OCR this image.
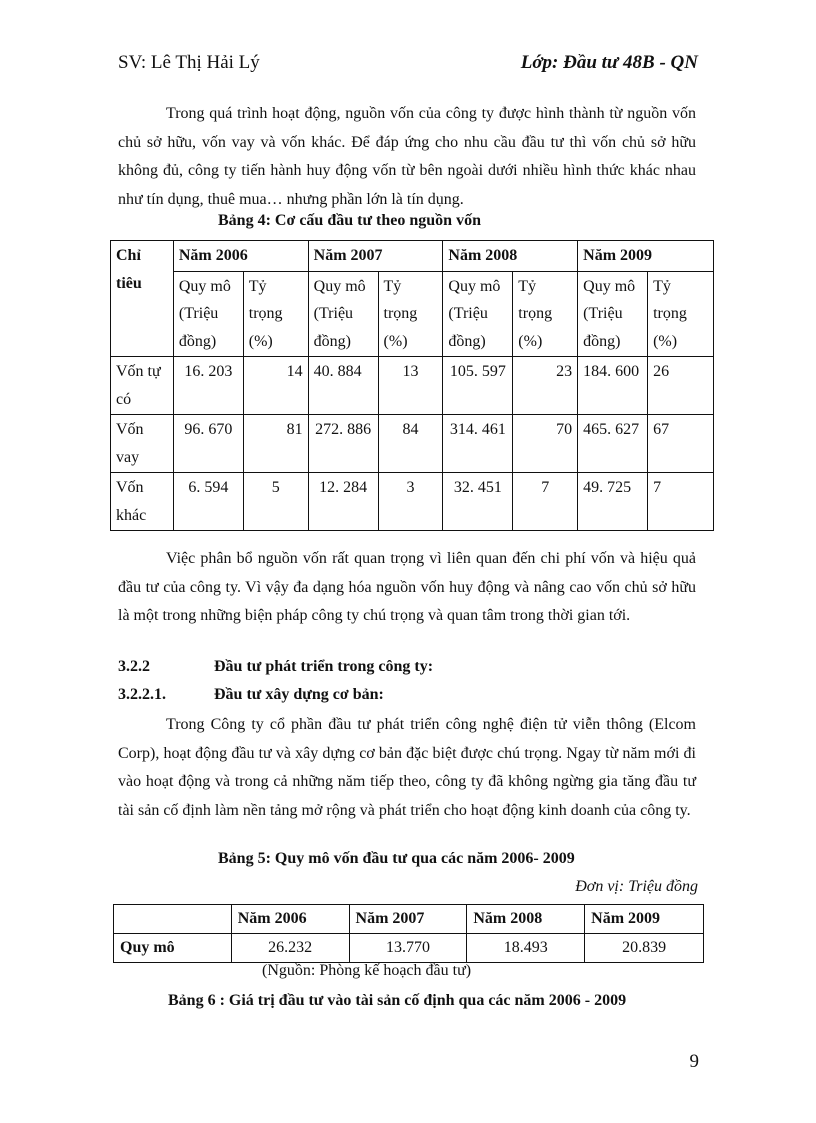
SV: Lê Thị Hải Lý	Lớp: Đầu tư 48B - QN
Trong quá trình hoạt động, nguồn vốn của công ty được hình thành từ nguồn vốn chủ sở hữu, vốn vay và vốn khác. Để đáp ứng cho nhu cầu đầu tư thì vốn chủ sở hữu không đủ, công ty tiến hành huy động vốn từ bên ngoài dưới nhiều hình thức khác nhau như tín dụng, thuê mua… nhưng phần lớn là tín dụng.
Bảng 4: Cơ cấu đầu tư theo nguồn vốn
Chỉ tiêu	Năm 2006		Năm 2007		Năm 2008		Năm 2009	
	Quy mô (Triệu đồng)	Tỷ trọng (%)	Quy mô (Triệu đồng)	Tỷ trọng (%)	Quy mô (Triệu đồng)	Tỷ trọng (%)	Quy mô (Triệu đồng)	Tỷ trọng (%)
Vốn tự có	16. 203	14	40. 884	13	105. 597	23	184. 600	26
Vốn vay	96. 670	81	272. 886	84	314. 461	70	465. 627	67
Vốn khác	6. 594	5	12. 284	3	32. 451	7	49. 725	7
Việc phân bổ nguồn vốn rất quan trọng vì liên quan đến chi phí vốn và hiệu quả đầu tư của công ty. Vì vậy đa dạng hóa nguồn vốn huy động và nâng cao vốn chủ sở hữu là một trong những biện pháp công ty chú trọng và quan tâm trong thời gian tới.
3.2.2	Đầu tư phát triển trong công ty:
3.2.2.1.	Đầu tư xây dựng cơ bản:
Trong Công ty cổ phần đầu tư phát triển công nghệ điện tử viễn thông (Elcom Corp), hoạt động đầu tư và xây dựng cơ bản đặc biệt được chú trọng. Ngay từ năm mới đi vào hoạt động và trong cả những năm tiếp theo, công ty đã không ngừng gia tăng đầu tư tài sản cố định làm nền tảng mở rộng và phát triển cho hoạt động kinh doanh của công ty.
Bảng 5: Quy mô vốn đầu tư qua các năm 2006- 2009
Đơn vị: Triệu đồng
	Năm 2006	Năm 2007	Năm 2008	Năm 2009
Quy mô	26.232	13.770	18.493	20.839
(Nguồn: Phòng kế hoạch đầu tư)
Bảng 6 : Giá trị đầu tư vào tài sản cố định qua các năm 2006 - 2009
9
